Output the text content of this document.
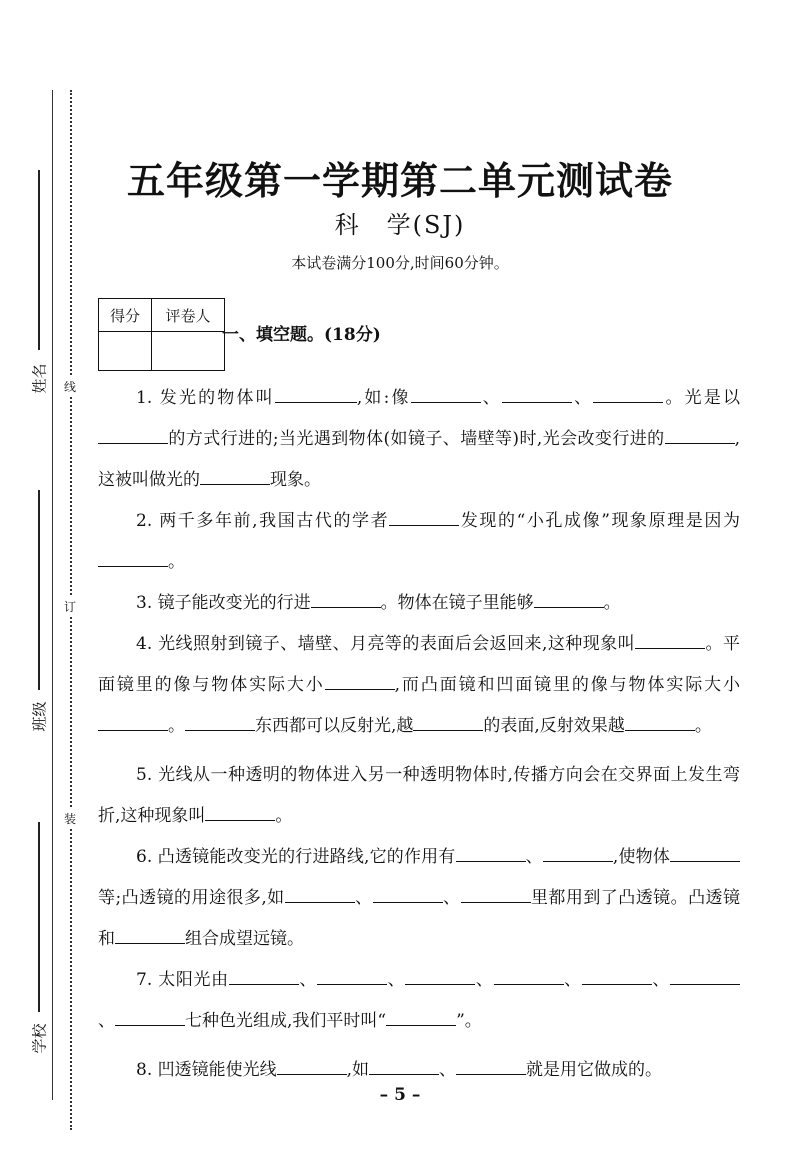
姓名
班级
学校
线
订
装
五年级第一学期第二单元测试卷
科　学(SJ)
本试卷满分100分,时间60分钟。
得分	评卷人

一、填空题。(18分)

1. 发光的物体叫	,如:像	、	、	。光是以的方式行进的;当光遇到物体(如镜子、墙壁等)时,光会改变行进的	,这被叫做光的	现象。

2. 两千多年前,我国古代的学者	发现的“小孔成像”现象原理是因为。

3. 镜子能改变光的行进	。物体在镜子里能够	。

4. 光线照射到镜子、墙壁、月亮等的表面后会返回来,这种现象叫	。平面镜里的像与物体实际大小	,而凸面镜和凹面镜里的像与物体实际大小。	东西都可以反射光,越	的表面,反射效果越	。

5. 光线从一种透明的物体进入另一种透明物体时,传播方向会在交界面上发生弯折,这种现象叫	。

6. 凸透镜能改变光的行进路线,它的作用有	、	,使物体等;凸透镜的用途很多,如	、	、	里都用到了凸透镜。凸透镜和	组合成望远镜。

7. 太阳光由	、	、	、	、	、、	七种色光组成,我们平时叫“	”。

8. 凹透镜能使光线	,如	、	就是用它做成的。

– 5 –
